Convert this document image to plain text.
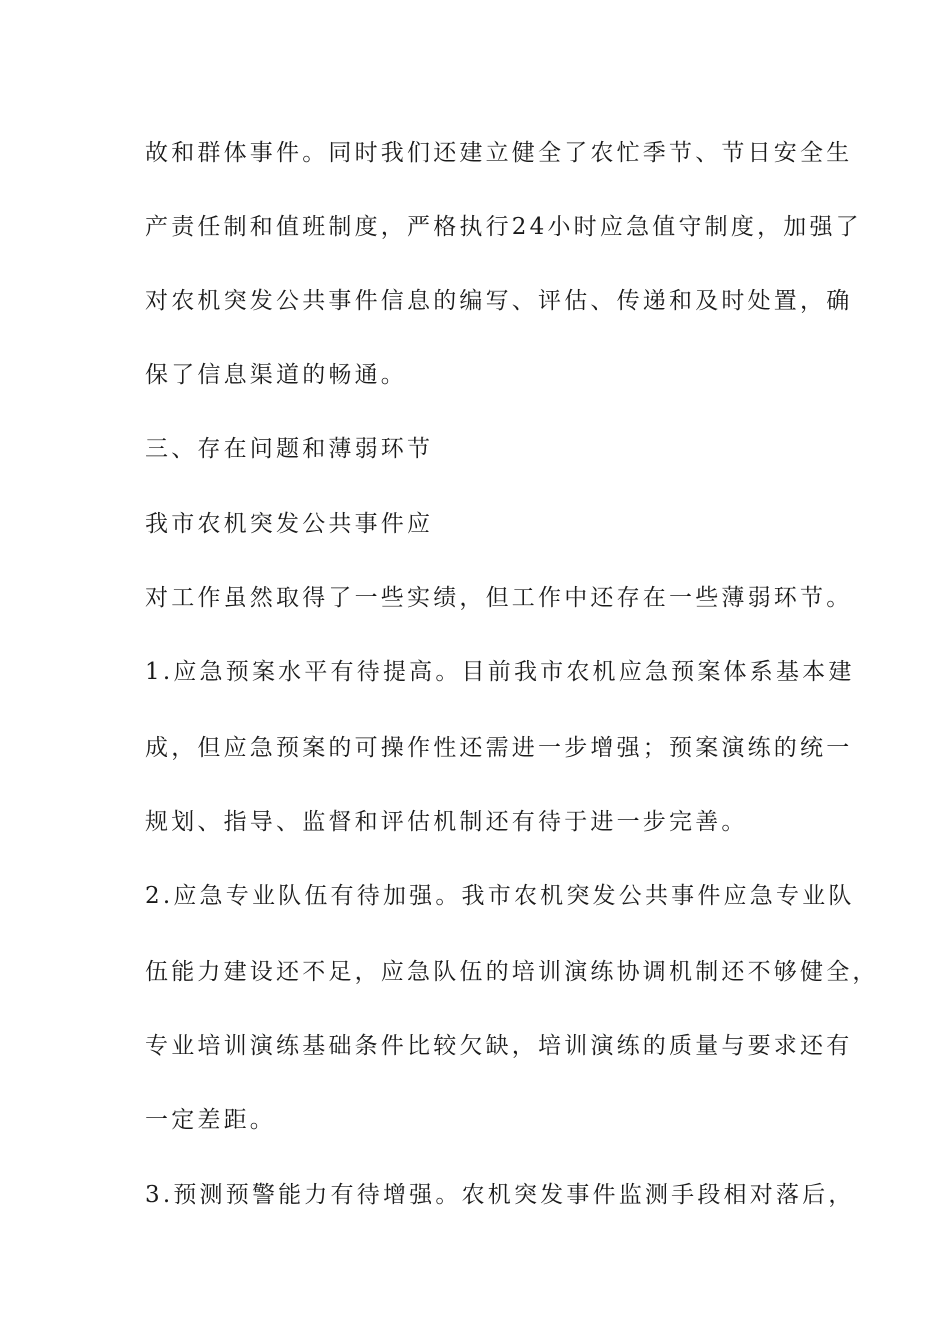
故和群体事件。同时我们还建立健全了农忙季节、节日安全生

产责任制和值班制度，严格执行24小时应急值守制度，加强了

对农机突发公共事件信息的编写、评估、传递和及时处置，确

保了信息渠道的畅通。

三、存在问题和薄弱环节

我市农机突发公共事件应

对工作虽然取得了一些实绩，但工作中还存在一些薄弱环节。

1.应急预案水平有待提高。目前我市农机应急预案体系基本建

成，但应急预案的可操作性还需进一步增强；预案演练的统一

规划、指导、监督和评估机制还有待于进一步完善。

2.应急专业队伍有待加强。我市农机突发公共事件应急专业队

伍能力建设还不足，应急队伍的培训演练协调机制还不够健全，

专业培训演练基础条件比较欠缺，培训演练的质量与要求还有

一定差距。

3.预测预警能力有待增强。农机突发事件监测手段相对落后，
